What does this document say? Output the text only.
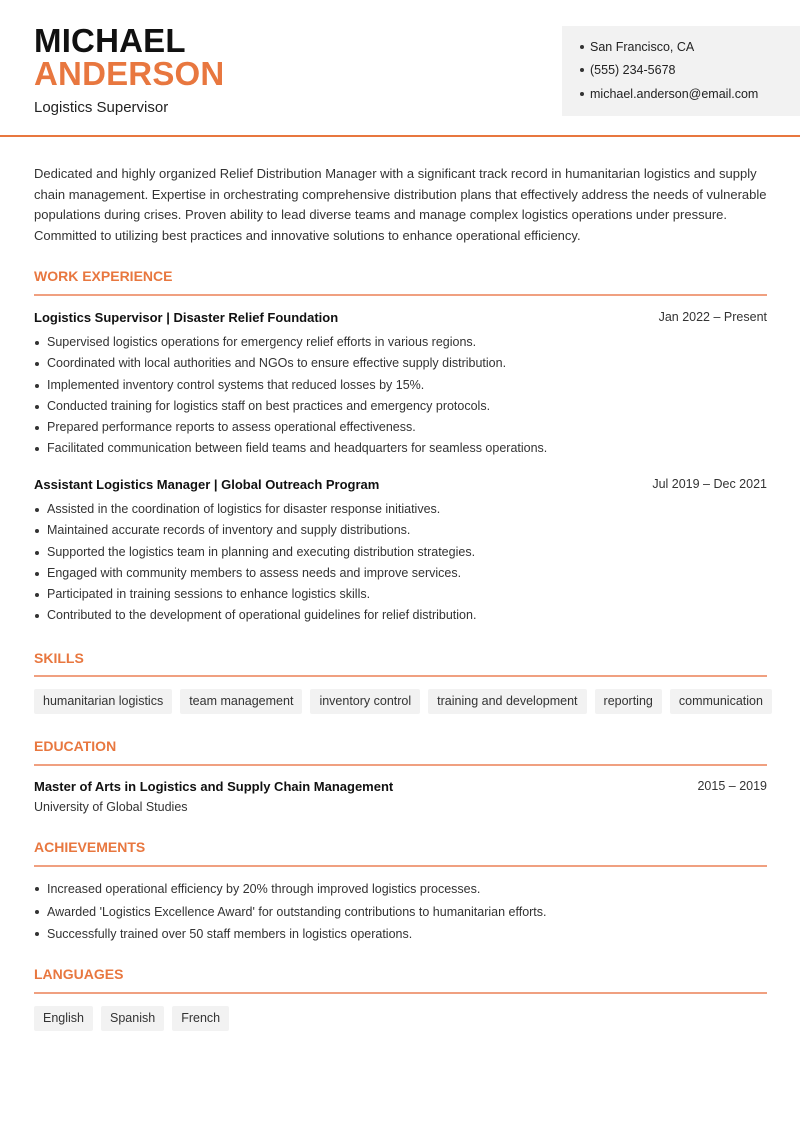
MICHAEL
ANDERSON
Logistics Supervisor
San Francisco, CA
(555) 234-5678
michael.anderson@email.com
Dedicated and highly organized Relief Distribution Manager with a significant track record in humanitarian logistics and supply chain management. Expertise in orchestrating comprehensive distribution plans that effectively address the needs of vulnerable populations during crises. Proven ability to lead diverse teams and manage complex logistics operations under pressure. Committed to utilizing best practices and innovative solutions to enhance operational efficiency.
WORK EXPERIENCE
Logistics Supervisor | Disaster Relief Foundation	Jan 2022 – Present
Supervised logistics operations for emergency relief efforts in various regions.
Coordinated with local authorities and NGOs to ensure effective supply distribution.
Implemented inventory control systems that reduced losses by 15%.
Conducted training for logistics staff on best practices and emergency protocols.
Prepared performance reports to assess operational effectiveness.
Facilitated communication between field teams and headquarters for seamless operations.
Assistant Logistics Manager | Global Outreach Program	Jul 2019 – Dec 2021
Assisted in the coordination of logistics for disaster response initiatives.
Maintained accurate records of inventory and supply distributions.
Supported the logistics team in planning and executing distribution strategies.
Engaged with community members to assess needs and improve services.
Participated in training sessions to enhance logistics skills.
Contributed to the development of operational guidelines for relief distribution.
SKILLS
humanitarian logistics	team management	inventory control	training and development	reporting	communication
EDUCATION
Master of Arts in Logistics and Supply Chain Management	2015 – 2019
University of Global Studies
ACHIEVEMENTS
Increased operational efficiency by 20% through improved logistics processes.
Awarded 'Logistics Excellence Award' for outstanding contributions to humanitarian efforts.
Successfully trained over 50 staff members in logistics operations.
LANGUAGES
English	Spanish	French
